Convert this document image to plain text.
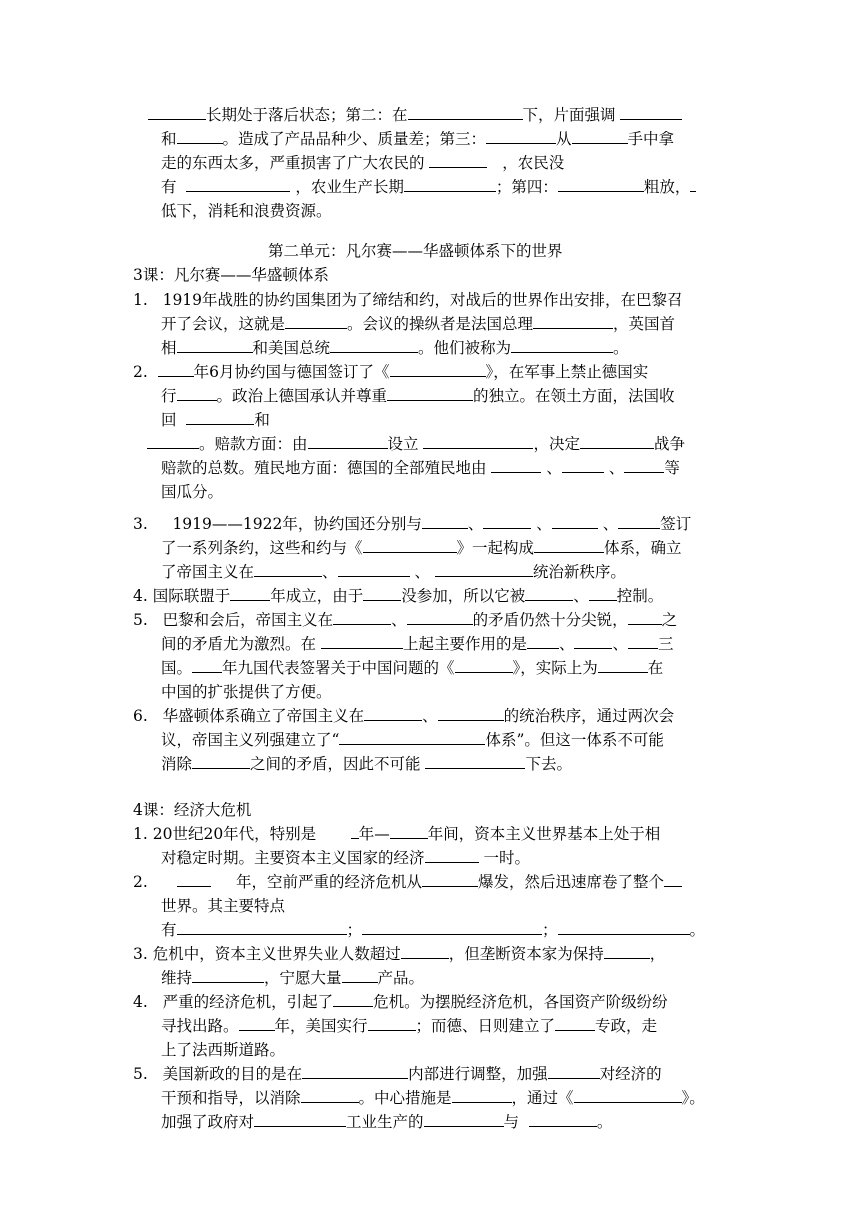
长期处于落后状态；第二：在	下，片面强调
和	。造成了产品品种少、质量差；第三：	从	手中拿
走的东西太多，严重损害了广大农民的	，农民没
有	，农业生产长期	；第四：	粗放，
低下，消耗和浪费资源。
第二单元：凡尔赛——华盛顿体系下的世界
3课：凡尔赛——华盛顿体系
1. 1919年战胜的协约国集团为了缔结和约，对战后的世界作出安排，在巴黎召
开了会议，这就是	。会议的操纵者是法国总理	，英国首
相	和美国总统	。他们被称为	。
2.	年6月协约国与德国签订了《	》，在军事上禁止德国实
行	。政治上德国承认并尊重	的独立。在领土方面，法国收
回	和
。赔款方面：由	设立	，决定	战争
赔款的总数。殖民地方面：德国的全部殖民地由	、	、	等
国瓜分。
3. 1919——1922年，协约国还分别与	、	、	、	签订
了一系列条约，这些和约与《	》一起构成	体系，确立
了帝国主义在	、	、	统治新秩序。
4. 国际联盟于	年成立，由于 没参加，所以它被	、 控制。
5. 巴黎和会后，帝国主义在	、	的矛盾仍然十分尖锐， 之
间的矛盾尤为激烈。在	上起主要作用的是 、 、 三
国。 年九国代表签署关于中国问题的《	》，实际上为	在
中国的扩张提供了方便。
6. 华盛顿体系确立了帝国主义在	、	的统治秩序，通过两次会
议，帝国主义列强建立了“	体系”。但这一体系不可能
消除	之间的矛盾，因此不可能	下去。
4课：经济大危机
1. 20世纪20年代，特别是	年— 年间，资本主义世界基本上处于相
对稳定时期。主要资本主义国家的经济	一时。
2.	年，空前严重的经济危机从	爆发，然后迅速席卷了整个
世界。其主要特点
有	；	；	。
3. 危机中，资本主义世界失业人数超过	，但垄断资本家为保持	，
维持	，宁愿大量 产品。
4. 严重的经济危机，引起了	危机。为摆脱经济危机，各国资产阶级纷纷
寻找出路。 年，美国实行	；而德、日则建立了	专政，走
上了法西斯道路。
5. 美国新政的目的是在	内部进行调整，加强	对经济的
干预和指导，以消除	。中心措施是	，通过《	》。
加强了政府对	工业生产的	与	。
